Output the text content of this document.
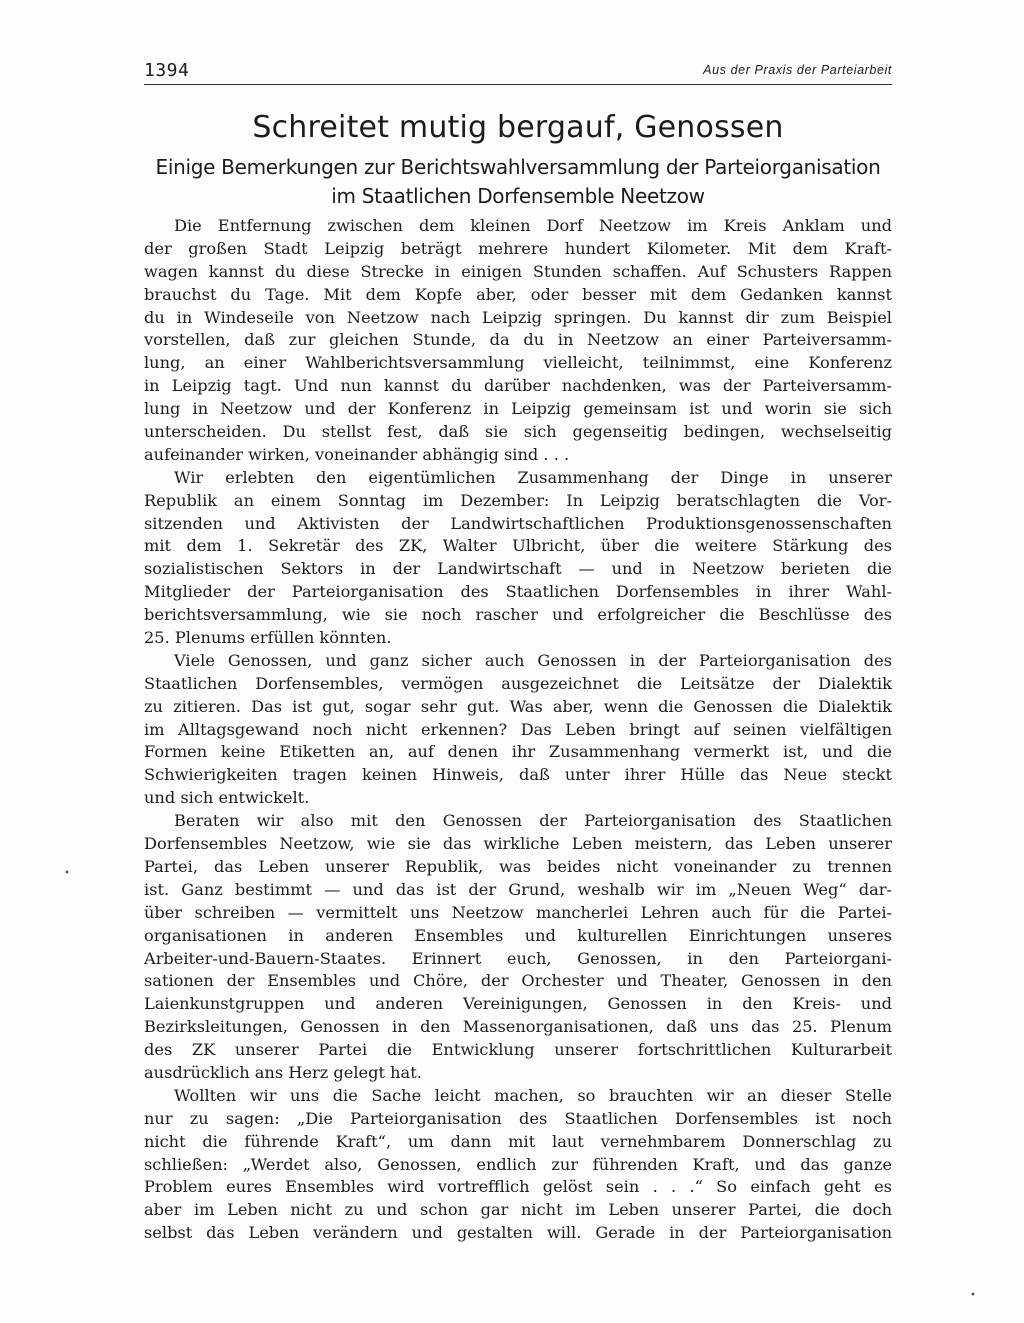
1394	Aus der Praxis der Parteiarbeit
Schreitet mutig bergauf, Genossen
Einige Bemerkungen zur Berichtswahlversammlung der Parteiorganisation
im Staatlichen Dorfensemble Neetzow
Die Entfernung zwischen dem kleinen Dorf Neetzow im Kreis Anklam und
der großen Stadt Leipzig beträgt mehrere hundert Kilometer. Mit dem Kraft-
wagen kannst du diese Strecke in einigen Stunden schaffen. Auf Schusters Rappen
brauchst du Tage. Mit dem Kopfe aber, oder besser mit dem Gedanken kannst
du in Windeseile von Neetzow nach Leipzig springen. Du kannst dir zum Beispiel
vorstellen, daß zur gleichen Stunde, da du in Neetzow an einer Parteiversamm-
lung, an einer Wahlberichtsversammlung vielleicht, teilnimmst, eine Konferenz
in Leipzig tagt. Und nun kannst du darüber nachdenken, was der Parteiversamm-
lung in Neetzow und der Konferenz in Leipzig gemeinsam ist und worin sie sich
unterscheiden. Du stellst fest, daß sie sich gegenseitig bedingen, wechselseitig
aufeinander wirken, voneinander abhängig sind . . .
Wir erlebten den eigentümlichen Zusammenhang der Dinge in unserer
Republik an einem Sonntag im Dezember: In Leipzig beratschlagten die Vor-
sitzenden und Aktivisten der Landwirtschaftlichen Produktionsgenossenschaften
mit dem 1. Sekretär des ZK, Walter Ulbricht, über die weitere Stärkung des
sozialistischen Sektors in der Landwirtschaft — und in Neetzow berieten die
Mitglieder der Parteiorganisation des Staatlichen Dorfensembles in ihrer Wahl-
berichtsversammlung, wie sie noch rascher und erfolgreicher die Beschlüsse des
25. Plenums erfüllen könnten.
Viele Genossen, und ganz sicher auch Genossen in der Parteiorganisation des
Staatlichen Dorfensembles, vermögen ausgezeichnet die Leitsätze der Dialektik
zu zitieren. Das ist gut, sogar sehr gut. Was aber, wenn die Genossen die Dialektik
im Alltagsgewand noch nicht erkennen? Das Leben bringt auf seinen vielfältigen
Formen keine Etiketten an, auf denen ihr Zusammenhang vermerkt ist, und die
Schwierigkeiten tragen keinen Hinweis, daß unter ihrer Hülle das Neue steckt
und sich entwickelt.
Beraten wir also mit den Genossen der Parteiorganisation des Staatlichen
Dorfensembles Neetzow, wie sie das wirkliche Leben meistern, das Leben unserer
Partei, das Leben unserer Republik, was beides nicht voneinander zu trennen
ist. Ganz bestimmt — und das ist der Grund, weshalb wir im „Neuen Weg“ dar-
über schreiben — vermittelt uns Neetzow mancherlei Lehren auch für die Partei-
organisationen in anderen Ensembles und kulturellen Einrichtungen unseres
Arbeiter-und-Bauern-Staates. Erinnert euch, Genossen, in den Parteiorgani-
sationen der Ensembles und Chöre, der Orchester und Theater, Genossen in den
Laienkunstgruppen und anderen Vereinigungen, Genossen in den Kreis- und
Bezirksleitungen, Genossen in den Massenorganisationen, daß uns das 25. Plenum
des ZK unserer Partei die Entwicklung unserer fortschrittlichen Kulturarbeit
ausdrücklich ans Herz gelegt hat.
Wollten wir uns die Sache leicht machen, so brauchten wir an dieser Stelle
nur zu sagen: „Die Parteiorganisation des Staatlichen Dorfensembles ist noch
nicht die führende Kraft“, um dann mit laut vernehmbarem Donnerschlag zu
schließen: „Werdet also, Genossen, endlich zur führenden Kraft, und das ganze
Problem eures Ensembles wird vortrefflich gelöst sein . . .“ So einfach geht es
aber im Leben nicht zu und schon gar nicht im Leben unserer Partei, die doch
selbst das Leben verändern und gestalten will. Gerade in der Parteiorganisation
•
•
